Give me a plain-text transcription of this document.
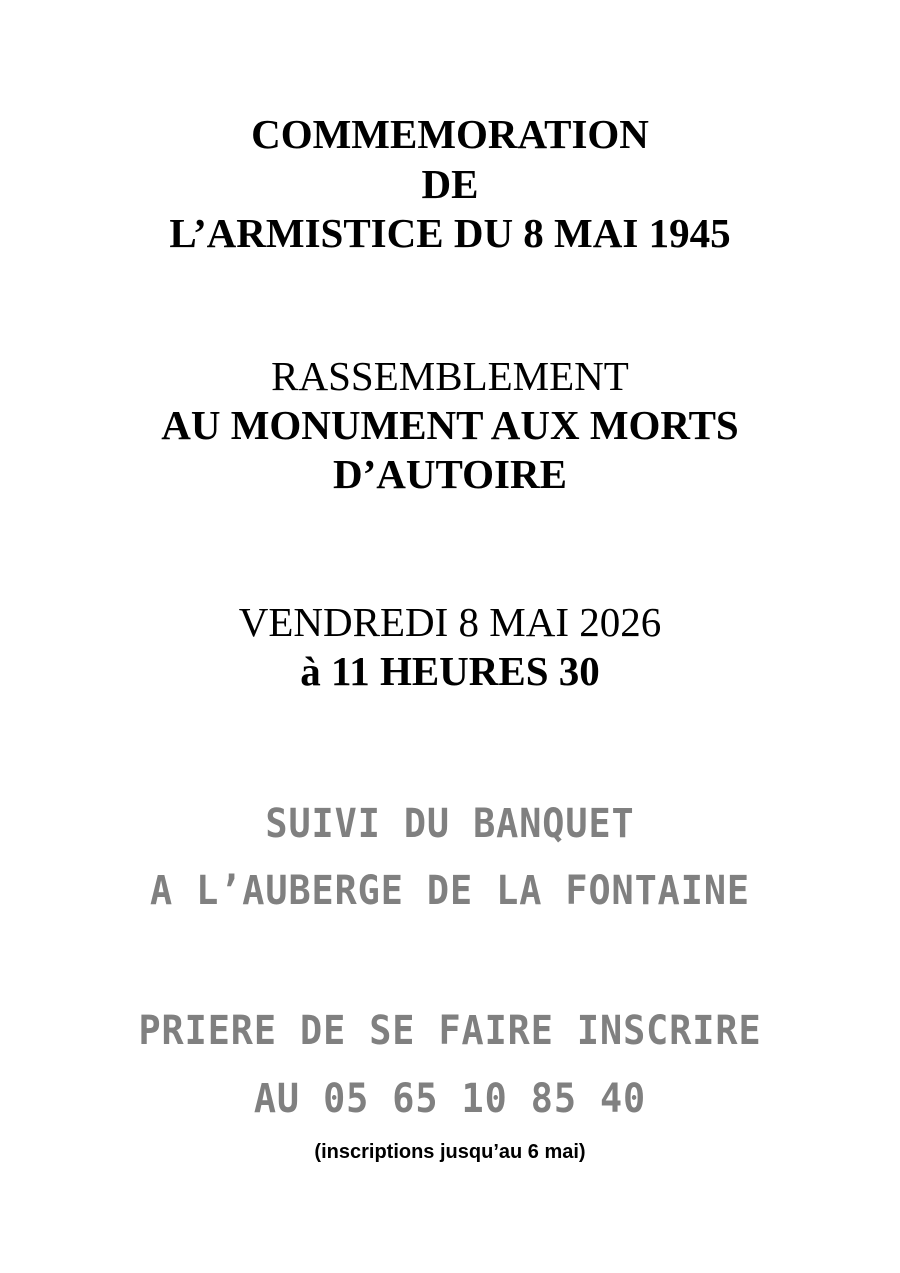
COMMEMORATION
DE
L’ARMISTICE DU 8 MAI 1945
RASSEMBLEMENT
AU MONUMENT AUX MORTS
D’AUTOIRE
VENDREDI 8 MAI 2026
à 11 HEURES 30
SUIVI DU BANQUET
A L’AUBERGE DE LA FONTAINE
PRIERE DE SE FAIRE INSCRIRE
AU 05 65 10 85 40
(inscriptions jusqu’au 6 mai)
